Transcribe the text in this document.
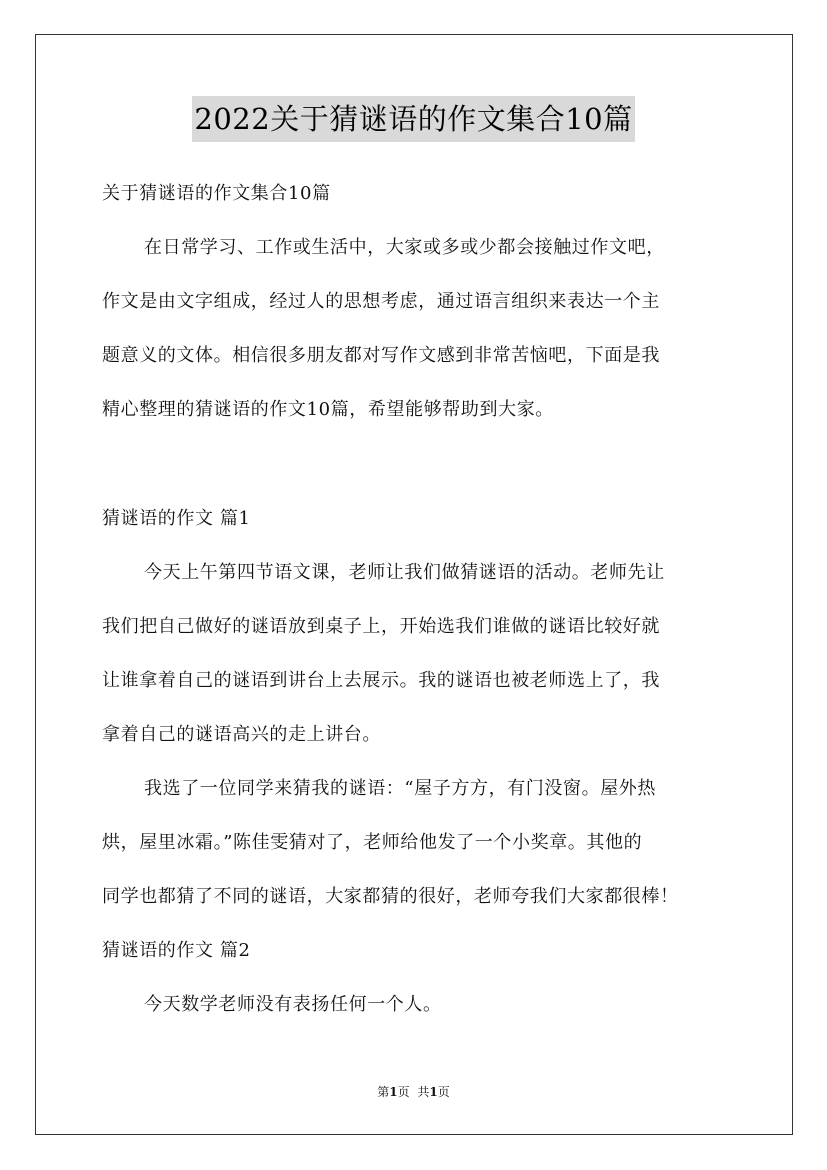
2022关于猜谜语的作文集合10篇
关于猜谜语的作文集合10篇
在日常学习、工作或生活中，大家或多或少都会接触过作文吧，
作文是由文字组成，经过人的思想考虑，通过语言组织来表达一个主
题意义的文体。相信很多朋友都对写作文感到非常苦恼吧，下面是我
精心整理的猜谜语的作文10篇，希望能够帮助到大家。
猜谜语的作文 篇1
今天上午第四节语文课，老师让我们做猜谜语的活动。老师先让
我们把自己做好的谜语放到桌子上，开始选我们谁做的谜语比较好就
让谁拿着自己的谜语到讲台上去展示。我的谜语也被老师选上了，我
拿着自己的谜语高兴的走上讲台。
我选了一位同学来猜我的谜语：“屋子方方，有门没窗。屋外热
烘，屋里冰霜。”陈佳雯猜对了，老师给他发了一个小奖章。其他的
同学也都猜了不同的谜语，大家都猜的很好，老师夸我们大家都很棒！
猜谜语的作文 篇2
今天数学老师没有表扬任何一个人。
第1页 共1页
